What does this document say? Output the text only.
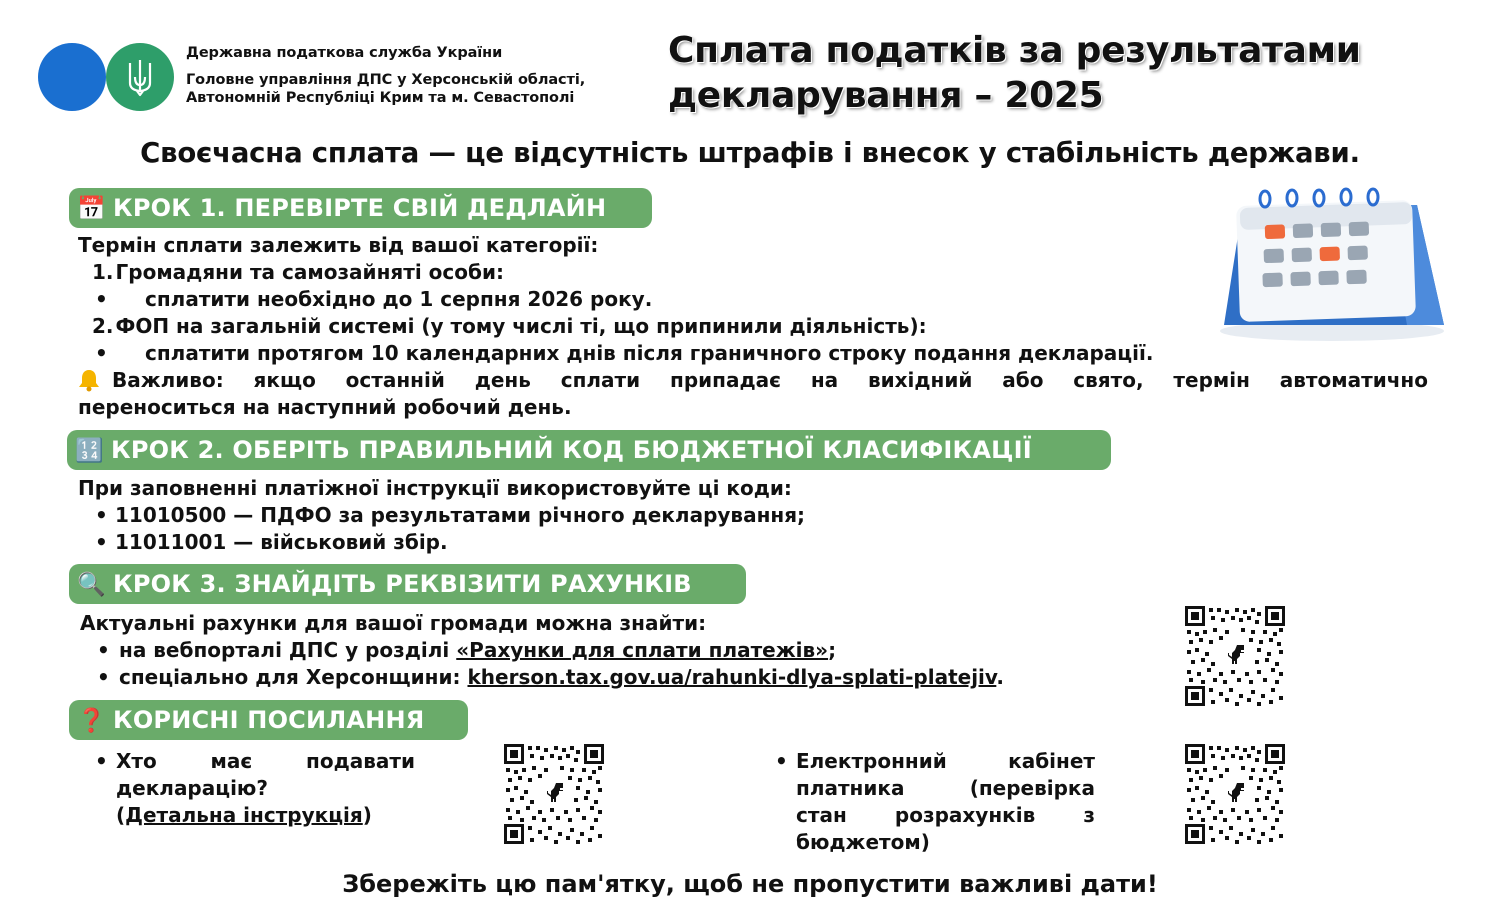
Державна податкова служба України
Головне управління ДПС у Херсонській області,
Автономній Республіці Крим та м. Севастополі
Сплата податків за результатами
декларування – 2025
Своєчасна сплата — це відсутність штрафів і внесок у стабільність держави.
📅 КРОК 1. ПЕРЕВІРТЕ СВІЙ ДЕДЛАЙН
Термін сплати залежить від вашої категорії:
1. Громадяни та самозайняті особи:
• сплатити необхідно до 1 серпня 2026 року.
2. ФОП на загальній системі (у тому числі ті, що припинили діяльність):
• сплатити протягом 10 календарних днів після граничного строку подання декларації.
Важливо: якщо останній день сплати припадає на вихідний або свято, термін автоматично
переноситься на наступний робочий день.
🔢 КРОК 2. ОБЕРІТЬ ПРАВИЛЬНИЙ КОД БЮДЖЕТНОЇ КЛАСИФІКАЦІЇ
При заповненні платіжної інструкції використовуйте ці коди:
• 11010500 — ПДФО за результатами річного декларування;
• 11011001 — військовий збір.
🔍 КРОК 3. ЗНАЙДІТЬ РЕКВІЗИТИ РАХУНКІВ
Актуальні рахунки для вашої громади можна знайти:
• на вебпорталі ДПС у розділі «Рахунки для сплати платежів»;
• спеціально для Херсонщини: kherson.tax.gov.ua/rahunki-dlya-splati-platejiv.
❓ КОРИСНІ ПОСИЛАННЯ
• Хто	має	подавати
декларацію?
(Детальна інструкція)
• Електронний	кабінет
платника	(перевірка
стан розрахунків з
бюджетом)
Збережіть цю пам'ятку, щоб не пропустити важливі дати!
